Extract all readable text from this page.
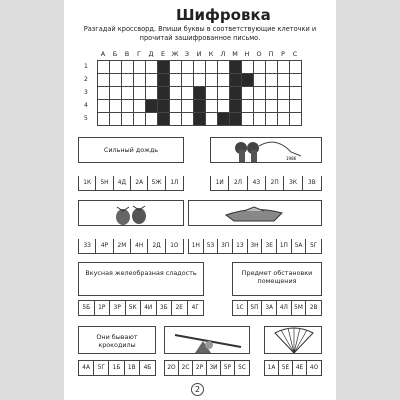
Шифровка
Разгадай кроссворд. Впиши буквы в соответствующие клеточки и прочитай зашифрованное письмо.
А	Б	В	Г	Д	Е Ж З	И	К	Л	М	Н	О	П	Р	С
1
2
3
4
5
Сильный дождь
1К	5Н	4Д	2А	5Ж	1Л
1986
1И	2Л	4З	2П	3К	3В
3З	4Р	2М	4Н	2Д	1О	1Н	5З	3П	1З	3Н	3Е	1П	5А	5Г
Вкусная желеобразная сладость
5Б	1Р	3Р	5К	4И	3Б	2Е	4Г
Предмет обстановки помещения
1С	5П	3А	4Л	5М	2В
Они бывают крокодилы
4А	5Г	1Б	1В	4Б	2О	2С	2Р	3И	5Р	5С	1А	5Е	4Е	4О
2
